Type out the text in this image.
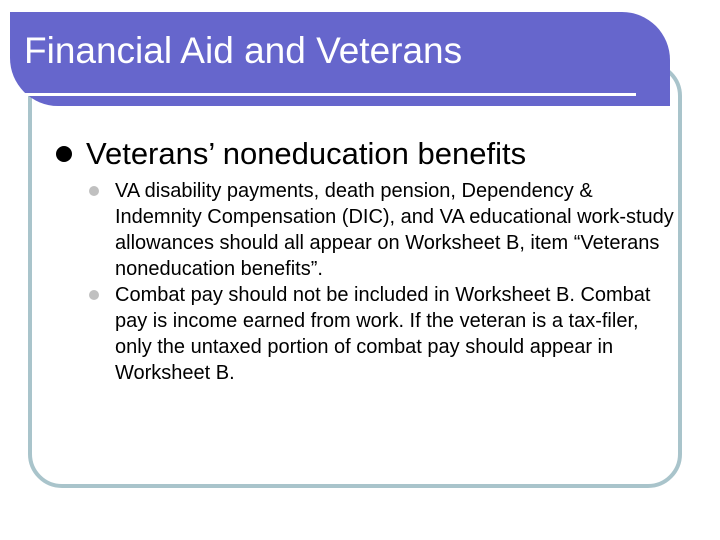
Financial Aid and Veterans
Veterans’ noneducation benefits
VA disability payments, death pension, Dependency & Indemnity Compensation (DIC), and VA educational work-study allowances should all appear on Worksheet B, item “Veterans noneducation benefits”.
Combat pay should not be included in Worksheet B. Combat pay is income earned from work. If the veteran is a tax-filer, only the untaxed portion of combat pay should appear in Worksheet B.
